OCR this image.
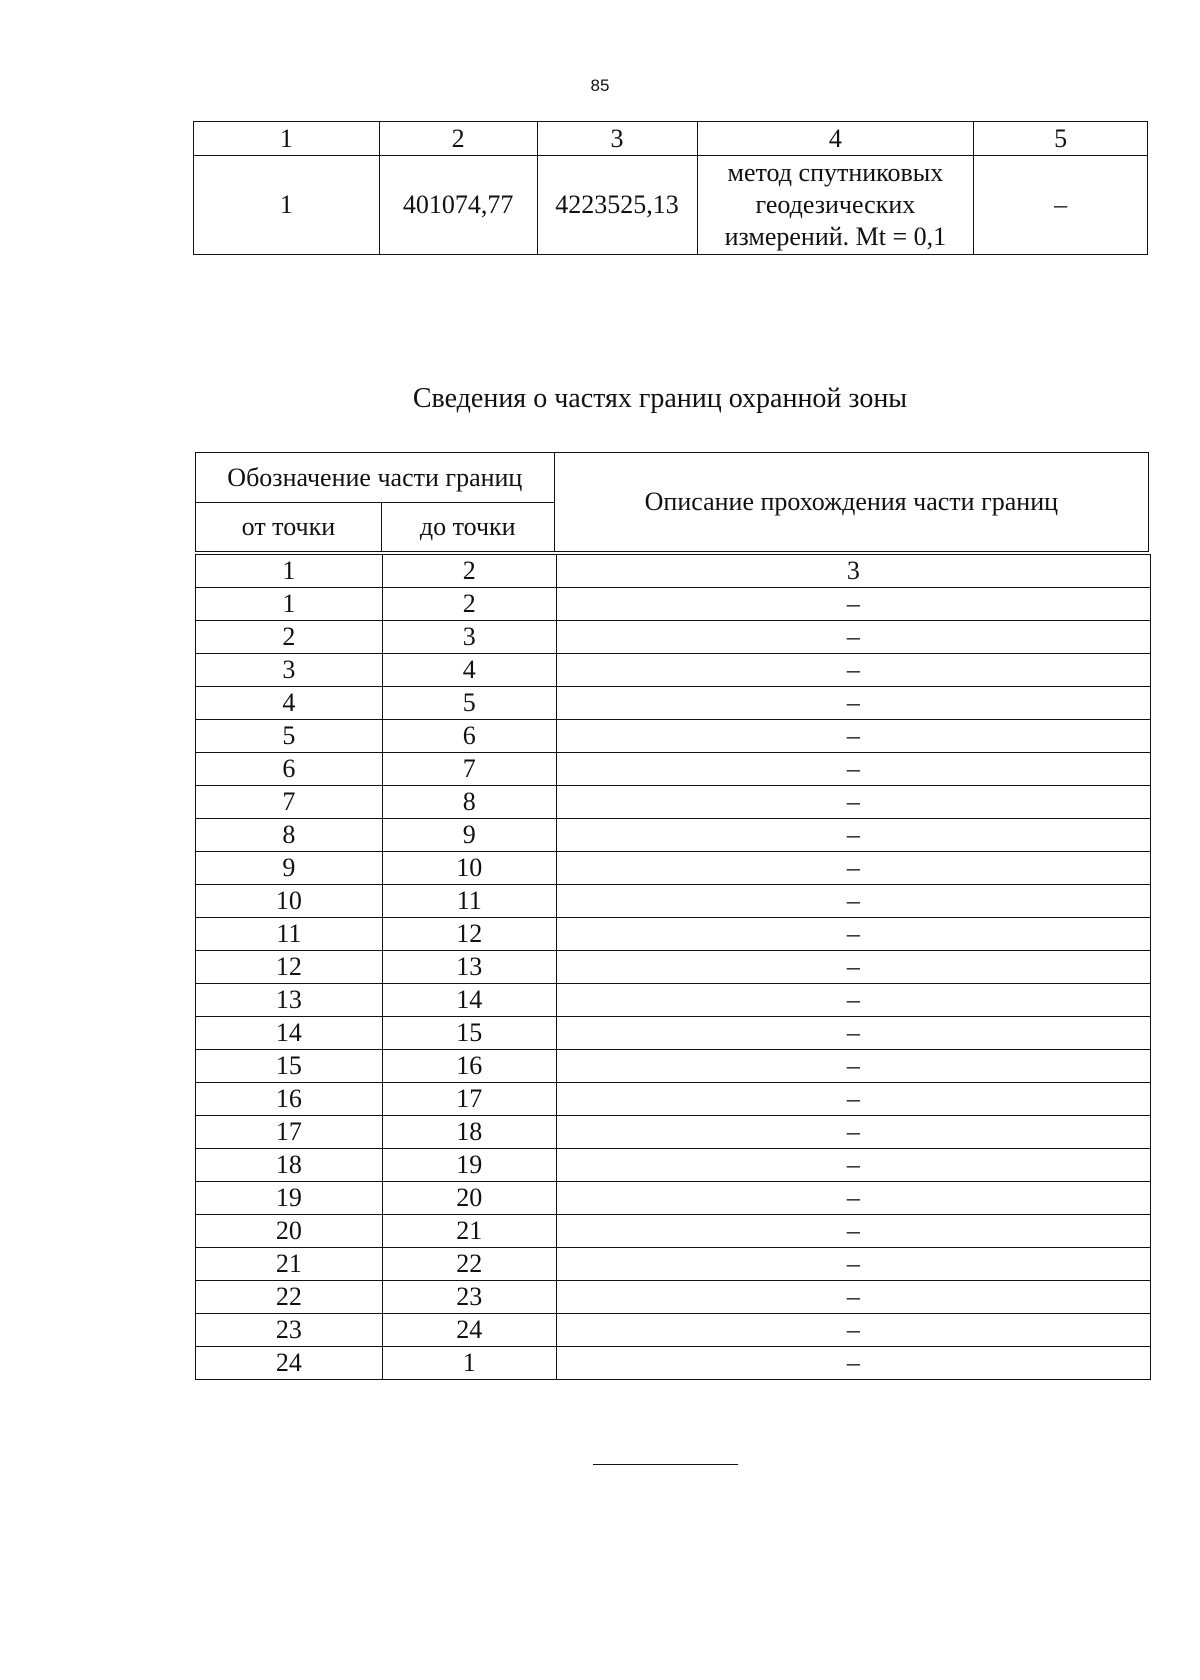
85
1	2	3	4	5
1	401074,77	4223525,13	метод спутниковых
геодезических
измерений. Mt = 0,1	–
Сведения о частях границ охранной зоны
Обозначение части границ		Описание прохождения части границ
от точки	до точки	
1	2	3
1	2	–
2	3	–
3	4	–
4	5	–
5	6	–
6	7	–
7	8	–
8	9	–
9	10	–
10	11	–
11	12	–
12	13	–
13	14	–
14	15	–
15	16	–
16	17	–
17	18	–
18	19	–
19	20	–
20	21	–
21	22	–
22	23	–
23	24	–
24	1	–
